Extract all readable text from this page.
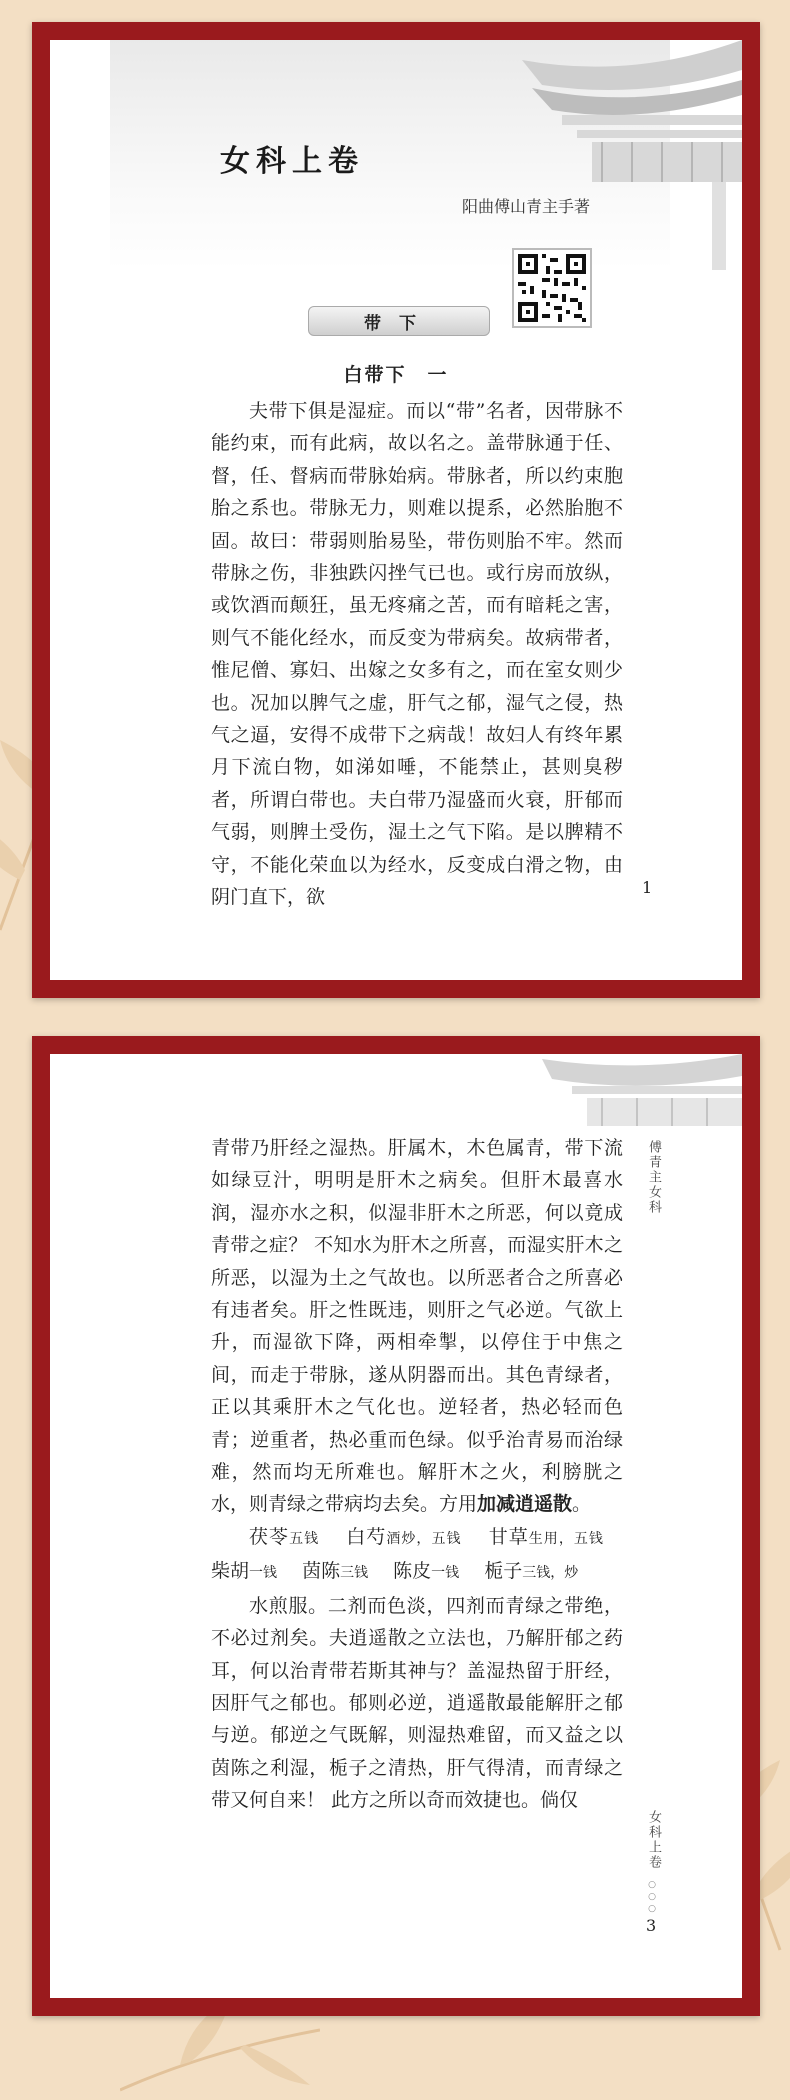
女科上卷
阳曲傅山青主手著
带下
白带下　一

夫带下俱是湿症。而以“带”名者，因带脉不能约束，而有此病，故以名之。盖带脉通于任、督，任、督病而带脉始病。带脉者，所以约束胞胎之系也。带脉无力，则难以提系，必然胎胞不固。故曰：带弱则胎易坠，带伤则胎不牢。然而带脉之伤，非独跌闪挫气已也。或行房而放纵，或饮酒而颠狂，虽无疼痛之苦，而有暗耗之害，则气不能化经水，而反变为带病矣。故病带者，惟尼僧、寡妇、出嫁之女多有之，而在室女则少也。况加以脾气之虚，肝气之郁，湿气之侵，热气之逼，安得不成带下之病哉！故妇人有终年累月下流白物，如涕如唾，不能禁止，甚则臭秽者，所谓白带也。夫白带乃湿盛而火衰，肝郁而气弱，则脾土受伤，湿土之气下陷。是以脾精不守，不能化荣血以为经水，反变成白滑之物，由阴门直下，欲	1
傅青主女科

青带乃肝经之湿热。肝属木，木色属青，带下流如绿豆汁，明明是肝木之病矣。但肝木最喜水润，湿亦水之积，似湿非肝木之所恶，何以竟成青带之症？ 不知水为肝木之所喜，而湿实肝木之所恶，以湿为土之气故也。以所恶者合之所喜必有违者矣。肝之性既违，则肝之气必逆。气欲上升，而湿欲下降，两相牵掣，以停住于中焦之间，而走于带脉，遂从阴器而出。其色青绿者，正以其乘肝木之气化也。逆轻者，热必轻而色青；逆重者，热必重而色绿。似乎治青易而治绿难，然而均无所难也。解肝木之火，利膀胱之水，则青绿之带病均去矣。方用加减逍遥散。

茯苓五钱　 白芍酒炒，五钱　 甘草生用，五钱　 柴胡一钱　 茵陈三钱　 陈皮一钱　 栀子三钱，炒

水煎服。二剂而色淡，四剂而青绿之带绝，不必过剂矣。夫逍遥散之立法也，乃解肝郁之药耳，何以治青带若斯其神与？盖湿热留于肝经，因肝气之郁也。郁则必逆，逍遥散最能解肝之郁与逆。郁逆之气既解，则湿热难留，而又益之以茵陈之利湿，栀子之清热，肝气得清，而青绿之带又何自来！ 此方之所以奇而效捷也。倘仅

女科上卷
○○○
3
